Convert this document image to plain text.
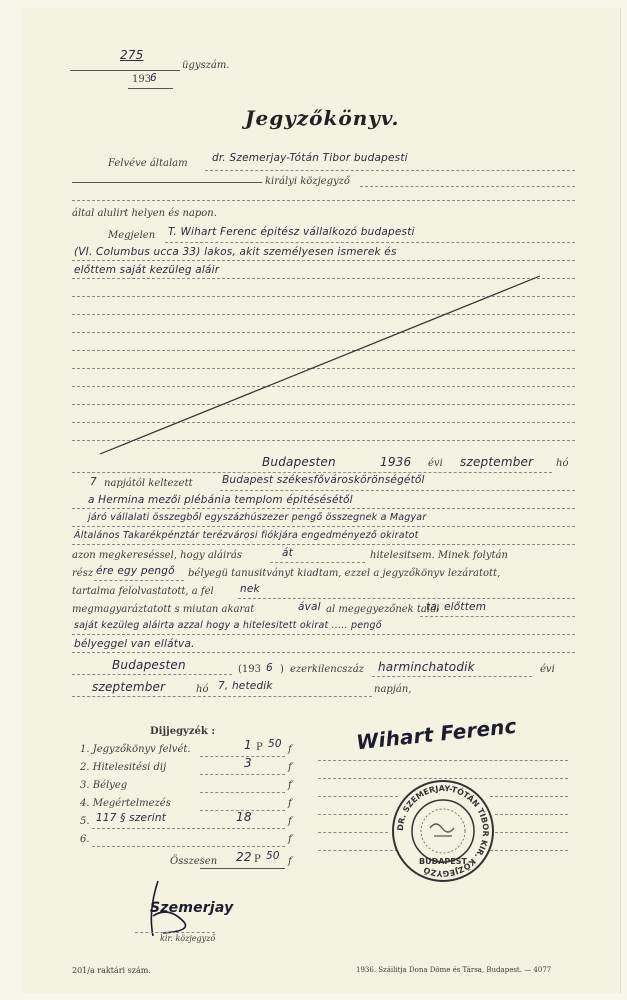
275
ügyszám.
193
6
Jegyzőkönyv.
Felvéve általam dr. Szemerjay-Tótán Tibor budapesti
királyi közjegyző
által alulirt helyen és napon.
Megjelen T. Wihart Ferenc épitész vállalkozó budapesti
(VI. Columbus ucca 33) lakos, akit személyesen ismerek és
előttem saját kezüleg aláir
Budapesten	1936 évi szeptember hó
7 napjától keltezett	Budapest székesfővároskörönségétől
a Hermina mezői plébánia templom épitésésétől
járó vállalati összegből egyszázhúszezer pengő összegnek a Magyar
Általános Takarékpénztár terézvárosi fiókjára engedményező okiratot
azon megkereséssel, hogy aláirás	át	hitelesitsem. Minek folytán
rész ére egy pengő bélyegü tanusitványt kiadtam, ezzel a jegyzőkönyv lezáratott,
tartalma felolvastatott, a fel	nek
megmagyaráztatott s miutan akarat	ával al megegyezőnek talál
ta, előttem
saját kezüleg aláirta azzal hogy a hitelesitett okirat ..... pengő
bélyeggel van ellátva.
Budapesten	(193 6 ) ezerkilencszáz harminchatodik	évi
szeptember	hó 7, hetedik	napján,
Dijjegyzék :
1. Jegyzőkönyv felvét.	1 P 50 f
2. Hitelesitési dij	3	f
3. Bélyeg	f
4. Megértelmezés	f
5. 117 § szerint	18	f
6.	f
Összesen 22 P 50 f
Wihart Ferenc
DR. SZEMERJAY-TÓTÁN TIBOR KIR. KÖZJEGYZŐ
BUDAPEST
Szemerjay
kir. közjegyző
201/a raktári szám.	1936. Száilitja Dona Döme és Társa, Budapest. — 4077
